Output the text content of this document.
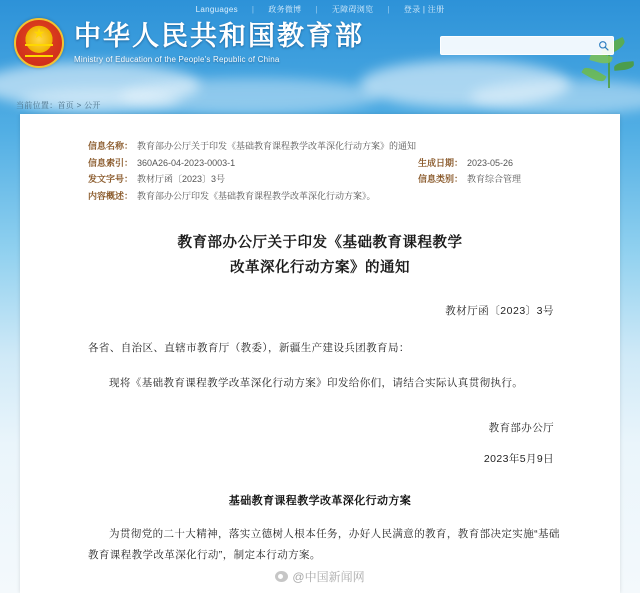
Languages | 政务微博 | 无障碍浏览 | 登录 | 注册
★
中华人民共和国教育部
Ministry of Education of the People's Republic of China
当前位置：首页 > 公开
信息名称： 教育部办公厅关于印发《基础教育课程教学改革深化行动方案》的通知
信息索引： 360A26-04-2023-0003-1	生成日期： 2023-05-26
发文字号： 教材厅函〔2023〕3号	信息类别： 教育综合管理
内容概述： 教育部办公厅印发《基础教育课程教学改革深化行动方案》。
教育部办公厅关于印发《基础教育课程教学
改革深化行动方案》的通知
教材厅函〔2023〕3号
各省、自治区、直辖市教育厅（教委），新疆生产建设兵团教育局：
现将《基础教育课程教学改革深化行动方案》印发给你们，请结合实际认真贯彻执行。
教育部办公厅
2023年5月9日
基础教育课程教学改革深化行动方案
为贯彻党的二十大精神，落实立德树人根本任务，办好人民满意的教育，教育部决定实施“基础教育课程教学改革深化行动”，制定本行动方案。
@中国新闻网
